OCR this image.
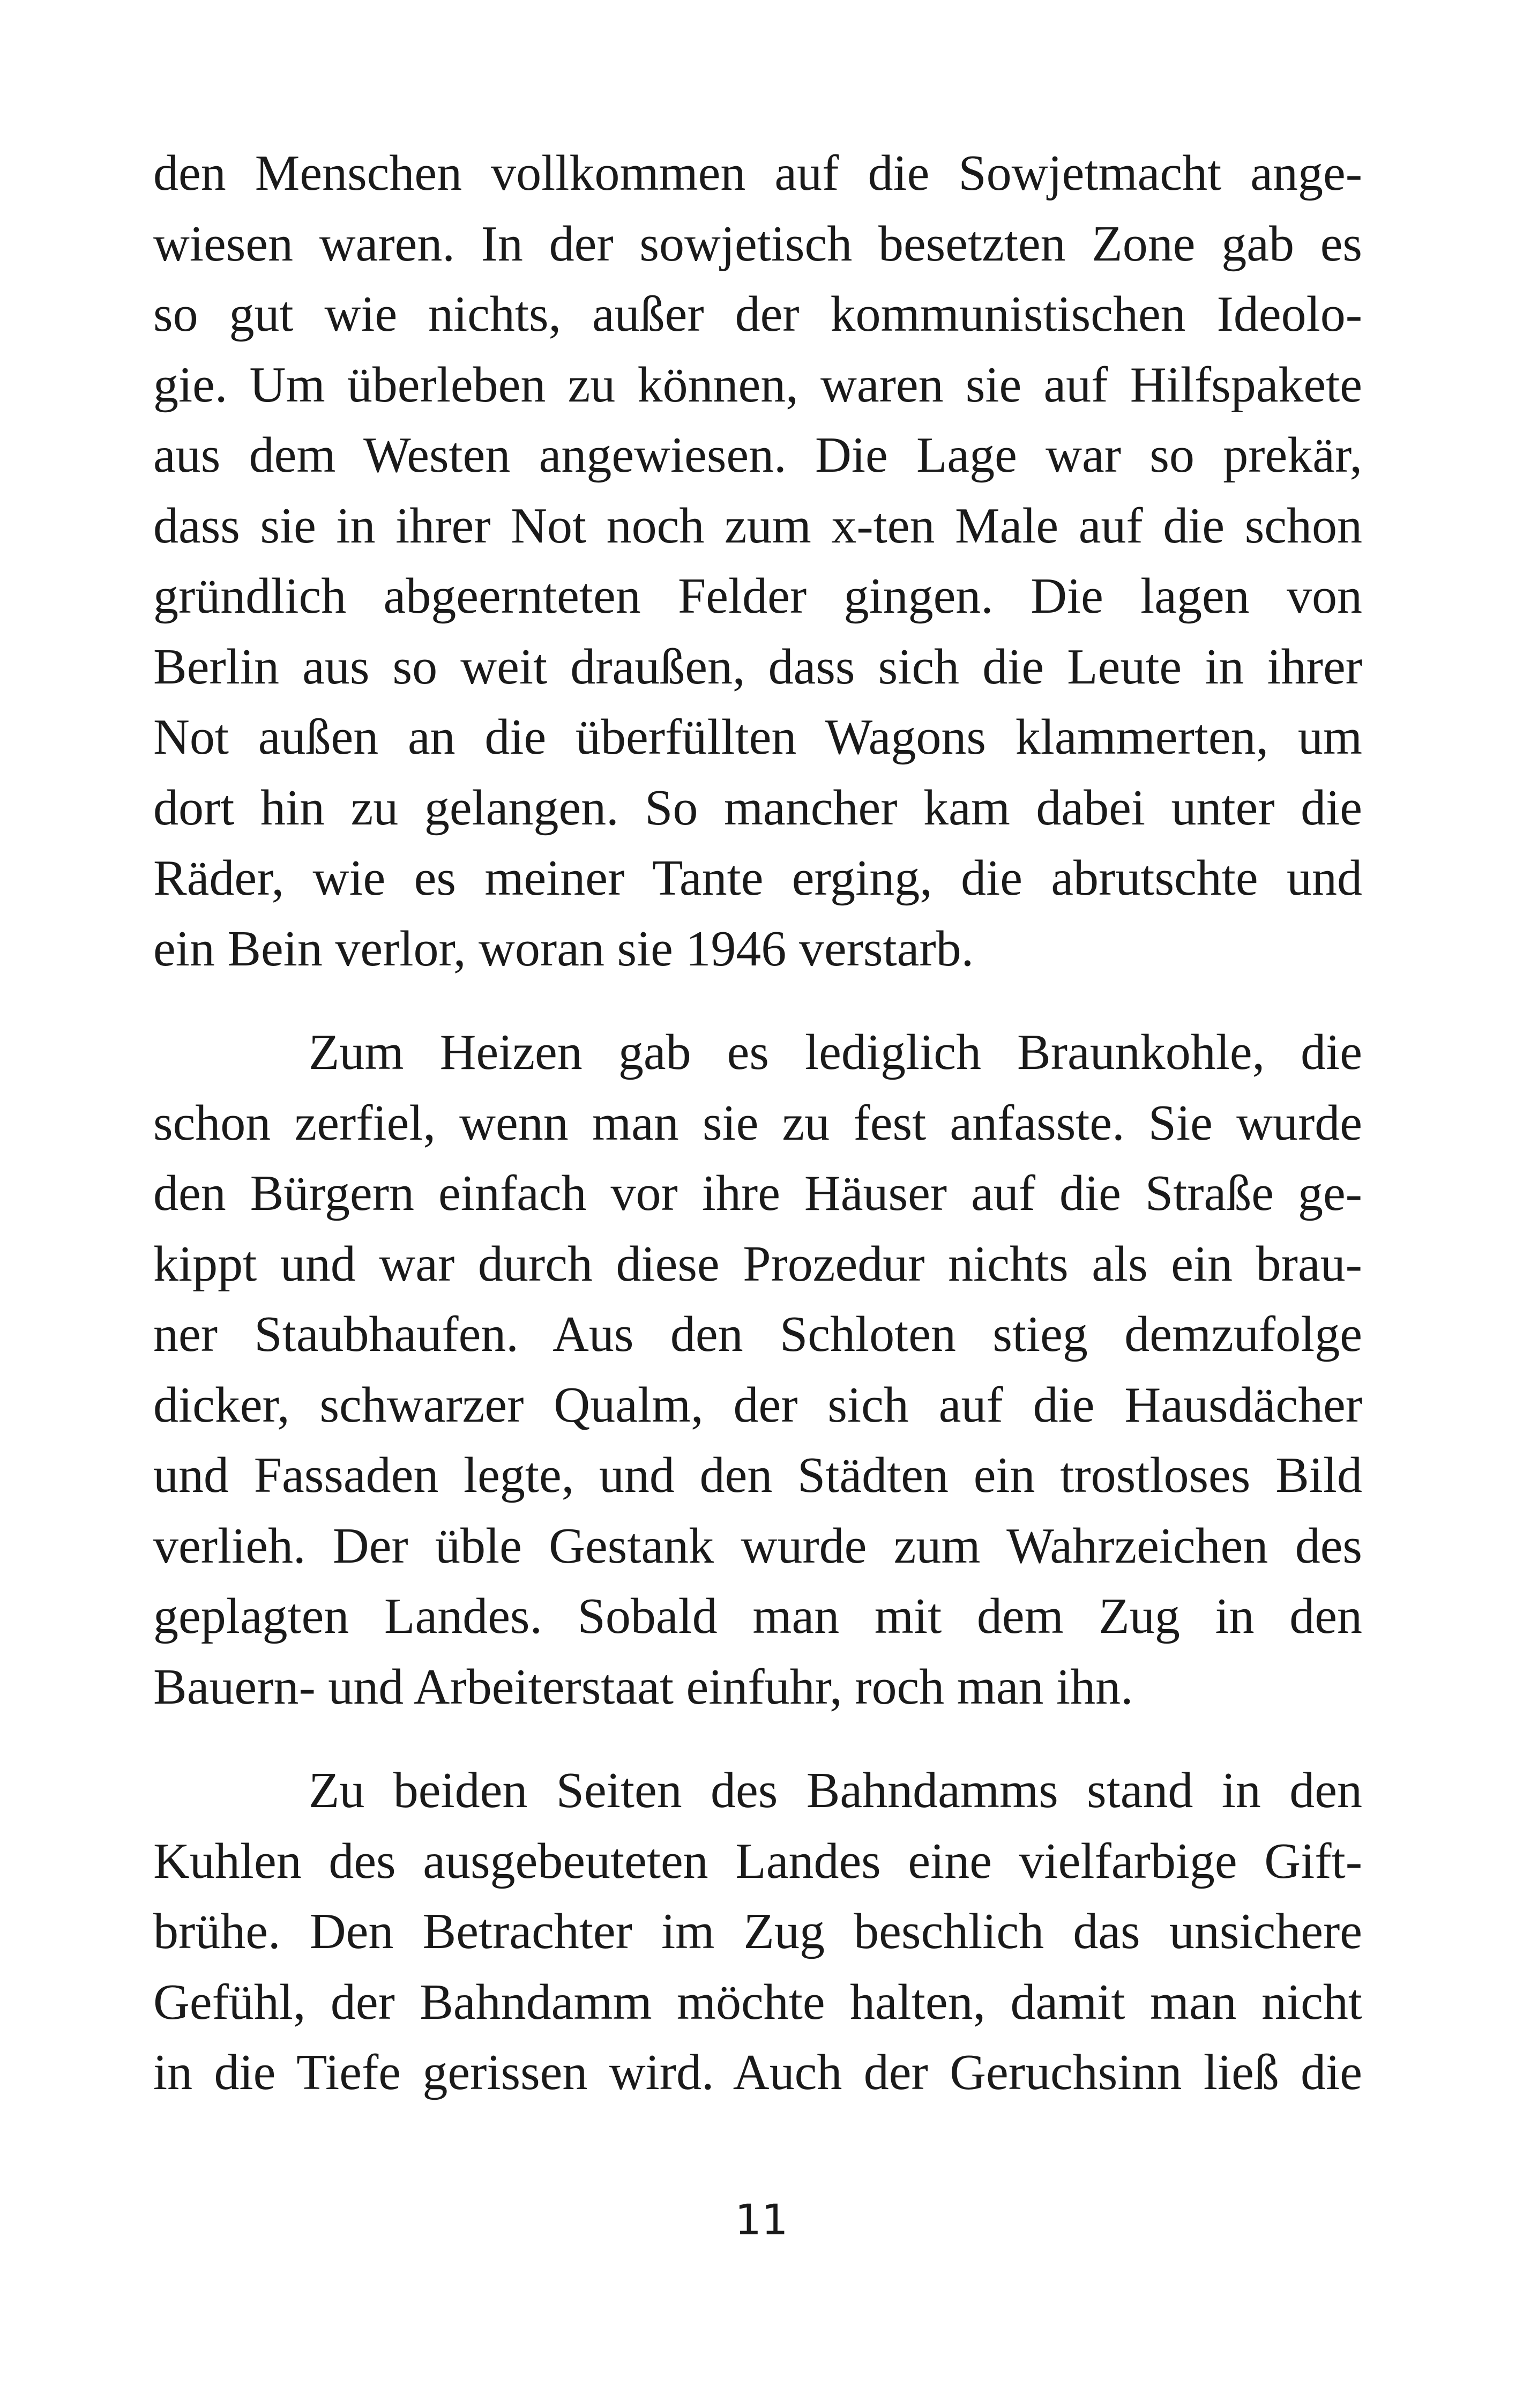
den Menschen vollkommen auf die Sowjetmacht ange-
wiesen waren. In der sowjetisch besetzten Zone gab es
so gut wie nichts, außer der kommunistischen Ideolo-
gie. Um überleben zu können, waren sie auf Hilfspakete
aus dem Westen angewiesen. Die Lage war so prekär,
dass sie in ihrer Not noch zum x-ten Male auf die schon
gründlich abgeernteten Felder gingen. Die lagen von
Berlin aus so weit draußen, dass sich die Leute in ihrer
Not außen an die überfüllten Wagons klammerten, um
dort hin zu gelangen. So mancher kam dabei unter die
Räder, wie es meiner Tante erging, die abrutschte und
ein Bein verlor, woran sie 1946 verstarb.
Zum Heizen gab es lediglich Braunkohle, die
schon zerfiel, wenn man sie zu fest anfasste. Sie wurde
den Bürgern einfach vor ihre Häuser auf die Straße ge-
kippt und war durch diese Prozedur nichts als ein brau-
ner Staubhaufen. Aus den Schloten stieg demzufolge
dicker, schwarzer Qualm, der sich auf die Hausdächer
und Fassaden legte, und den Städten ein trostloses Bild
verlieh. Der üble Gestank wurde zum Wahrzeichen des
geplagten Landes. Sobald man mit dem Zug in den
Bauern- und Arbeiterstaat einfuhr, roch man ihn.
Zu beiden Seiten des Bahndamms stand in den
Kuhlen des ausgebeuteten Landes eine vielfarbige Gift-
brühe. Den Betrachter im Zug beschlich das unsichere
Gefühl, der Bahndamm möchte halten, damit man nicht
in die Tiefe gerissen wird. Auch der Geruchsinn ließ die
11
